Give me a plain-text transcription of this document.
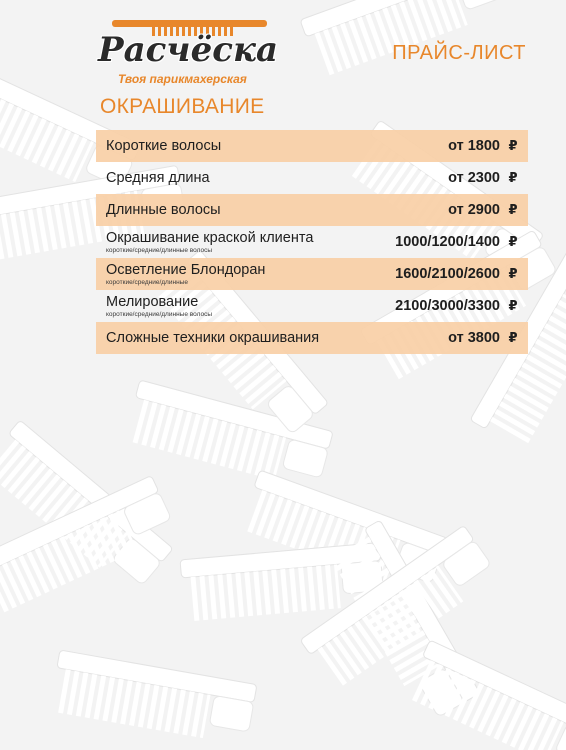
Расчёска
Твоя парикмахерская
ПРАЙС-ЛИСТ
ОКРАШИВАНИЕ
Короткие волосы	от 1800 ₽
Средняя длина	от 2300 ₽
Длинные волосы	от 2900 ₽
Окрашивание краской клиента
короткие/средние/длинные волосы	1000/1200/1400 ₽
Осветление Блондоран
короткие/средние/длинные	1600/2100/2600 ₽
Мелирование
короткие/средние/длинные волосы	2100/3000/3300 ₽
Сложные техники окрашивания	от 3800 ₽
